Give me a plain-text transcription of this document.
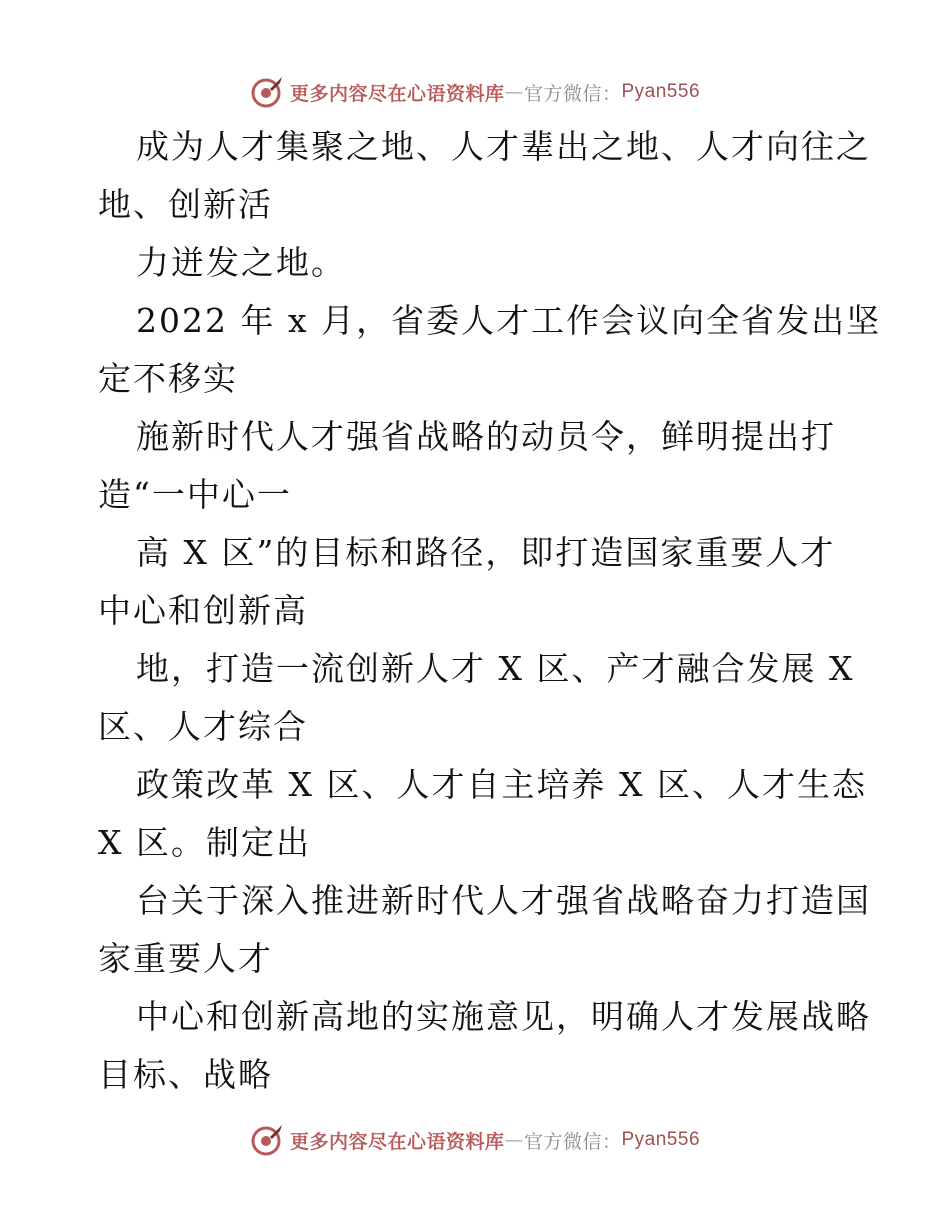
更多内容尽在心语资料库 — 官方微信： Pyan556
成为人才集聚之地、人才辈出之地、人才向往之
地、创新活
力迸发之地。
2022 年 x 月，省委人才工作会议向全省发出坚
定不移实
施新时代人才强省战略的动员令，鲜明提出打
造“一中心一
高 X 区”的目标和路径，即打造国家重要人才
中心和创新高
地，打造一流创新人才 X 区、产才融合发展 X
区、人才综合
政策改革 X 区、人才自主培养 X 区、人才生态
X 区。制定出
台关于深入推进新时代人才强省战略奋力打造国
家重要人才
中心和创新高地的实施意见，明确人才发展战略
目标、战略
更多内容尽在心语资料库 — 官方微信： Pyan556
